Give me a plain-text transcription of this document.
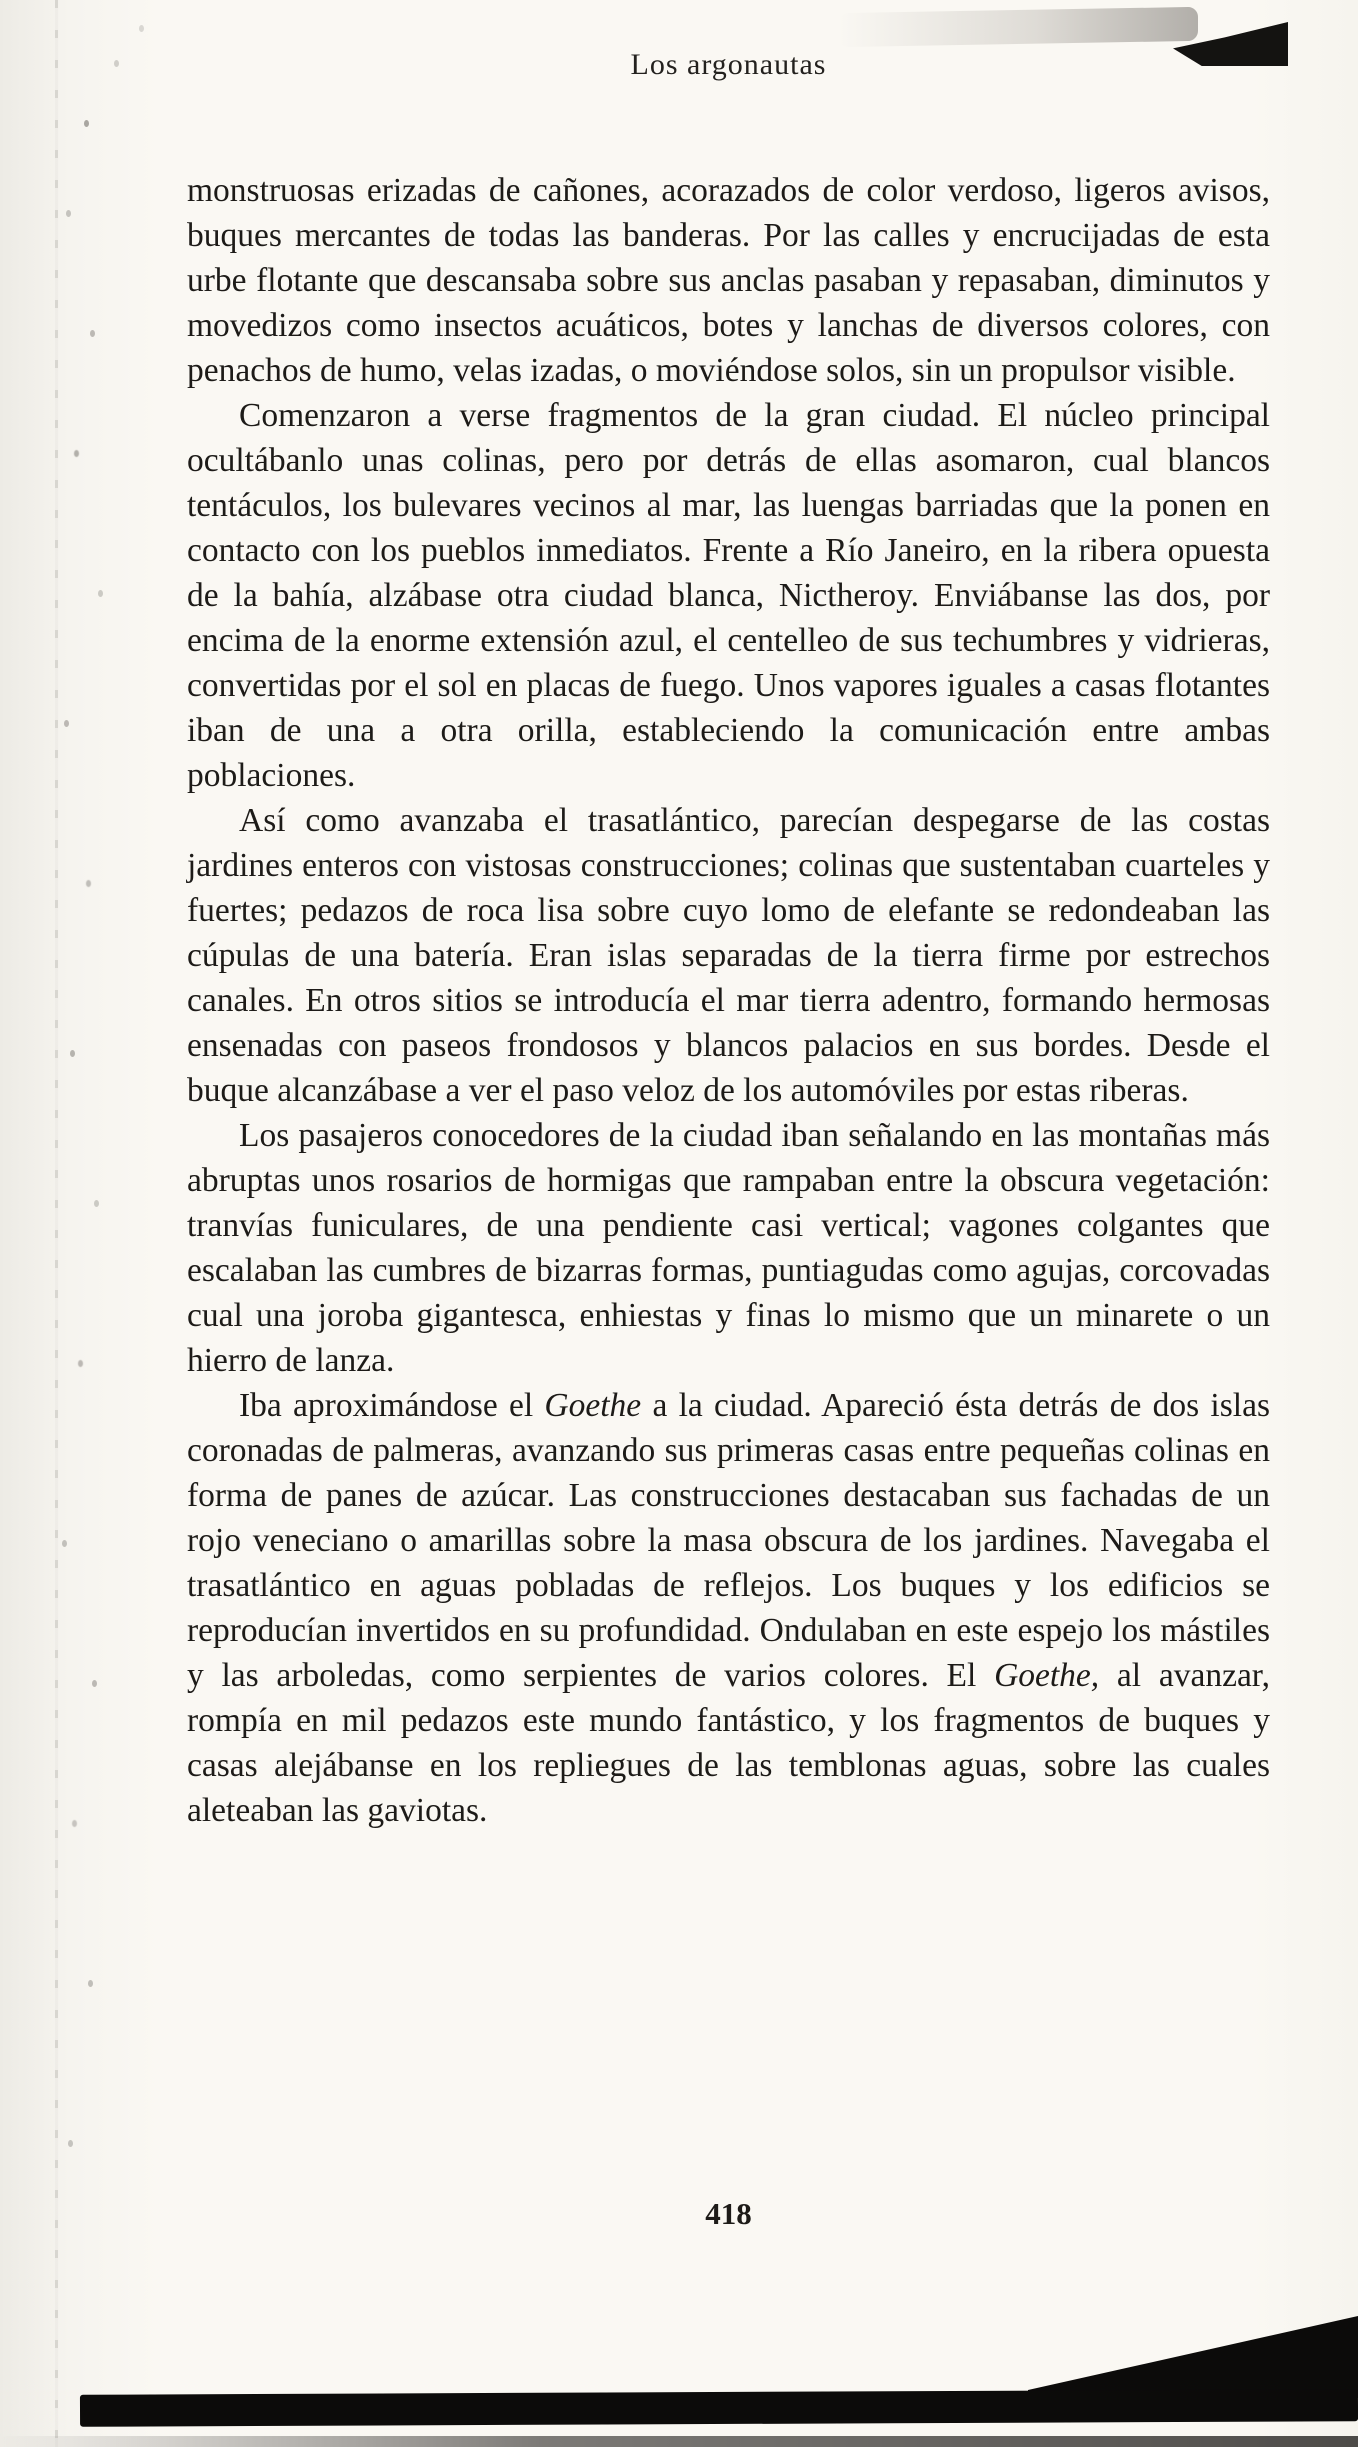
Los argonautas

monstruosas erizadas de cañones, acorazados de color verdoso, ligeros avisos, buques mercantes de todas las banderas. Por las calles y encrucijadas de esta urbe flotante que descansaba sobre sus anclas pasaban y repasaban, diminutos y movedizos como insectos acuáticos, botes y lanchas de diversos colores, con penachos de humo, velas izadas, o moviéndose solos, sin un propulsor visible.

Comenzaron a verse fragmentos de la gran ciudad. El núcleo principal ocultábanlo unas colinas, pero por detrás de ellas asomaron, cual blancos tentáculos, los bulevares vecinos al mar, las luengas barriadas que la ponen en contacto con los pueblos inmediatos. Frente a Río Janeiro, en la ribera opuesta de la bahía, alzábase otra ciudad blanca, Nictheroy. Enviábanse las dos, por encima de la enorme extensión azul, el centelleo de sus techumbres y vidrieras, convertidas por el sol en placas de fuego. Unos vapores iguales a casas flotantes iban de una a otra orilla, estableciendo la comunicación entre ambas poblaciones.

Así como avanzaba el trasatlántico, parecían despegarse de las costas jardines enteros con vistosas construcciones; colinas que sustentaban cuarteles y fuertes; pedazos de roca lisa sobre cuyo lomo de elefante se redondeaban las cúpulas de una batería. Eran islas separadas de la tierra firme por estrechos canales. En otros sitios se introducía el mar tierra adentro, formando hermosas ensenadas con paseos frondosos y blancos palacios en sus bordes. Desde el buque alcanzábase a ver el paso veloz de los automóviles por estas riberas.

Los pasajeros conocedores de la ciudad iban señalando en las montañas más abruptas unos rosarios de hormigas que rampaban entre la obscura vegetación: tranvías funiculares, de una pendiente casi vertical; vagones colgantes que escalaban las cumbres de bizarras formas, puntiagudas como agujas, corcovadas cual una joroba gigantesca, enhiestas y finas lo mismo que un minarete o un hierro de lanza.

Iba aproximándose el Goethe a la ciudad. Apareció ésta detrás de dos islas coronadas de palmeras, avanzando sus primeras casas entre pequeñas colinas en forma de panes de azúcar. Las construcciones destacaban sus fachadas de un rojo veneciano o amarillas sobre la masa obscura de los jardines. Navegaba el trasatlántico en aguas pobladas de reflejos. Los buques y los edificios se reproducían invertidos en su profundidad. Ondulaban en este espejo los mástiles y las arboledas, como serpientes de varios colores. El Goethe, al avanzar, rompía en mil pedazos este mundo fantástico, y los fragmentos de buques y casas alejábanse en los repliegues de las temblonas aguas, sobre las cuales aleteaban las gaviotas.

418
